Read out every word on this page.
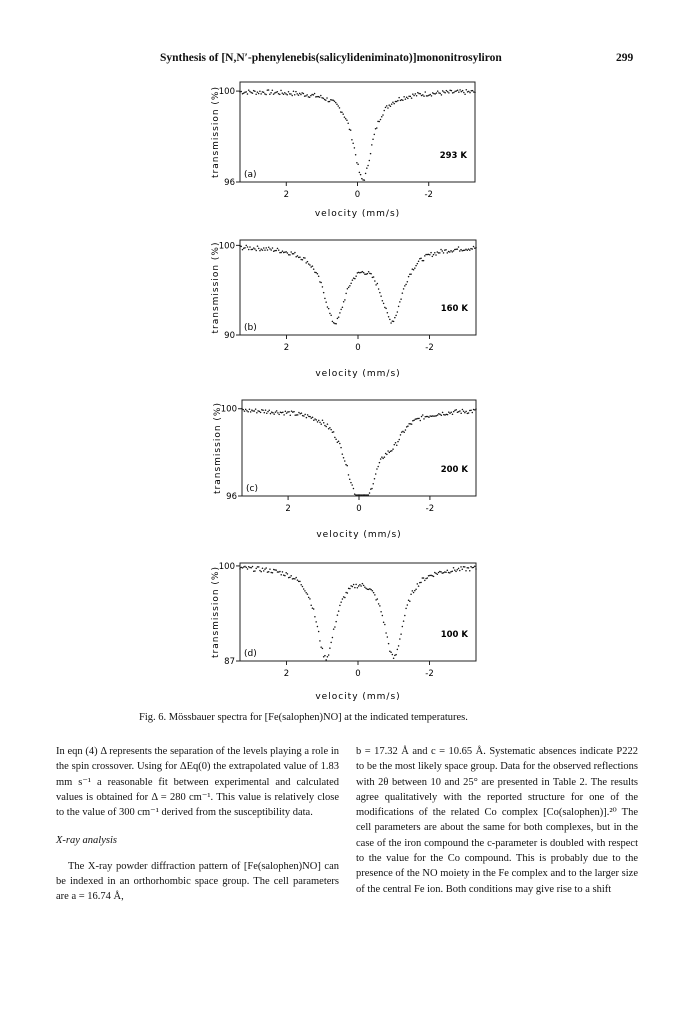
Synthesis of [N,N′-phenylenebis(salicylideniminato)]mononitrosyliron	299
2	0	-2
100
96
transmission (%)
velocity (mm/s)
(a)
293 K
2	0	-2
100
90
transmission (%)
velocity (mm/s)
(b)
160 K
2	0	-2
100
96
transmission (%)
velocity (mm/s)
(c)
200 K
2	0	-2
100
87
transmission (%)
velocity (mm/s)
(d)
100 K
Fig. 6. Mössbauer spectra for [Fe(salophen)NO] at the indicated temperatures.

In eqn (4) Δ represents the separation of the levels playing a role in the spin crossover. Using for ΔEq(0) the extrapolated value of 1.83 mm s⁻¹ a reasonable fit between experimental and calculated values is obtained for Δ = 280 cm⁻¹. This value is relatively close to the value of 300 cm⁻¹ derived from the susceptibility data.

X-ray analysis

The X-ray powder diffraction pattern of [Fe(salophen)NO] can be indexed in an orthorhombic space group. The cell parameters are a = 16.74 Å,

b = 17.32 Å and c = 10.65 Å. Systematic absences indicate P222 to be the most likely space group. Data for the observed reflections with 2θ between 10 and 25° are presented in Table 2. The results agree qualitatively with the reported structure for one of the modifications of the related Co complex [Co(salophen)].²⁰ The cell parameters are about the same for both complexes, but in the case of the iron compound the c-parameter is doubled with respect to the value for the Co compound. This is probably due to the presence of the NO moiety in the Fe complex and to the larger size of the central Fe ion. Both conditions may give rise to a shift
